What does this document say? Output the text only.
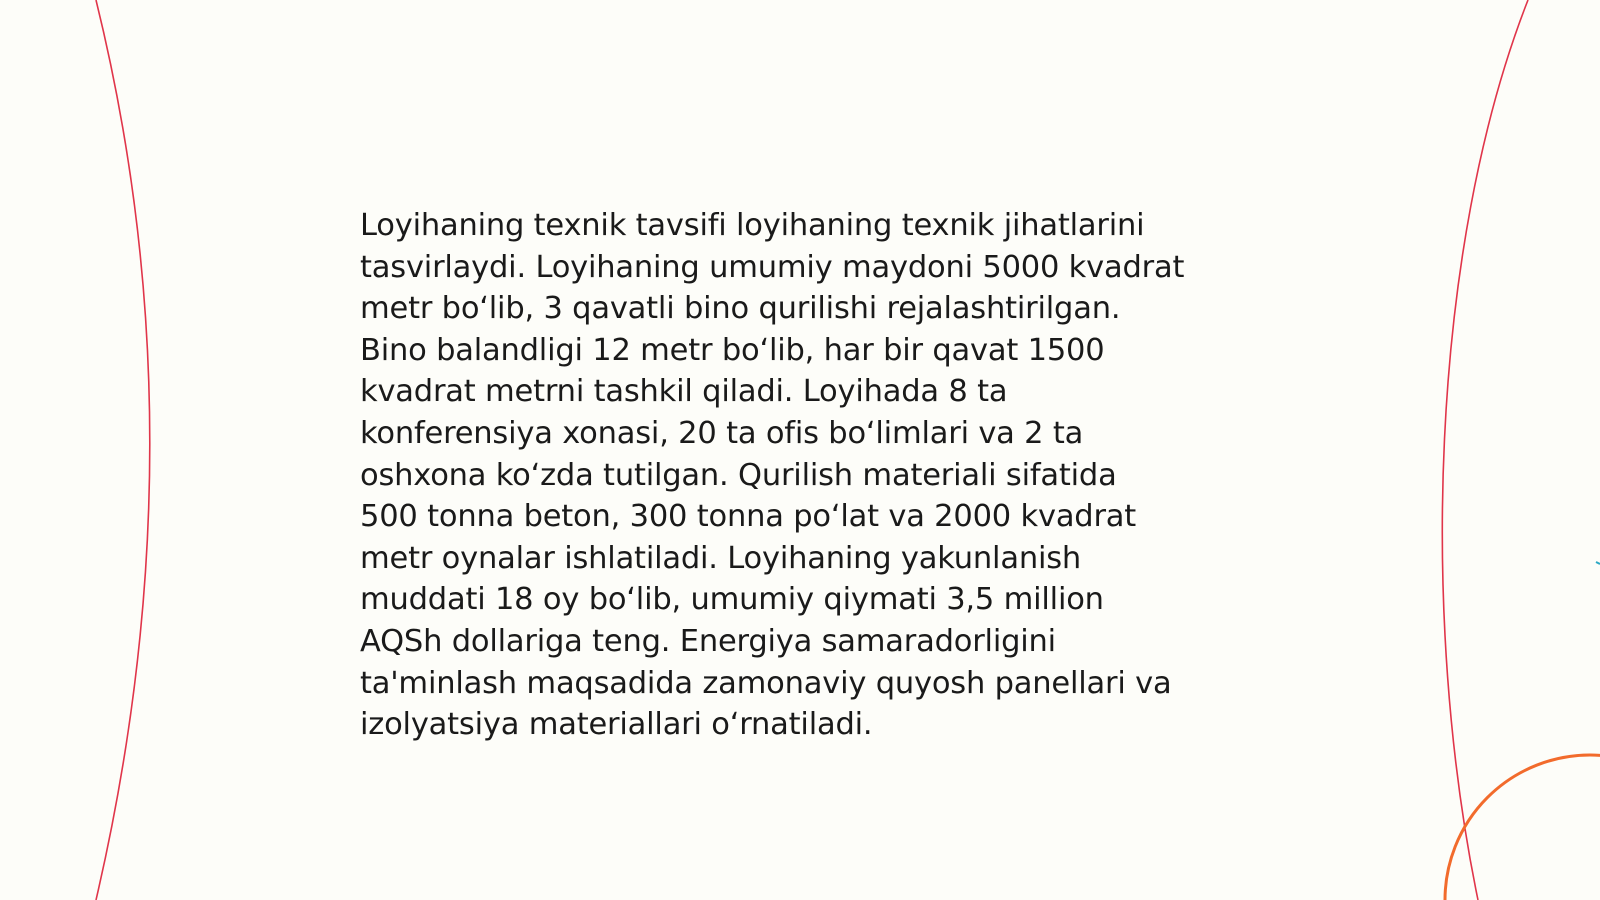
Loyihaning texnik tavsifi loyihaning texnik jihatlarini
tasvirlaydi. Loyihaning umumiy maydoni 5000 kvadrat
metr bo‘lib, 3 qavatli bino qurilishi rejalashtirilgan.
Bino balandligi 12 metr bo‘lib, har bir qavat 1500
kvadrat metrni tashkil qiladi. Loyihada 8 ta
konferensiya xonasi, 20 ta ofis bo‘limlari va 2 ta
oshxona ko‘zda tutilgan. Qurilish materiali sifatida
500 tonna beton, 300 tonna po‘lat va 2000 kvadrat
metr oynalar ishlatiladi. Loyihaning yakunlanish
muddati 18 oy bo‘lib, umumiy qiymati 3,5 million
AQSh dollariga teng. Energiya samaradorligini
ta'minlash maqsadida zamonaviy quyosh panellari va
izolyatsiya materiallari o‘rnatiladi.
